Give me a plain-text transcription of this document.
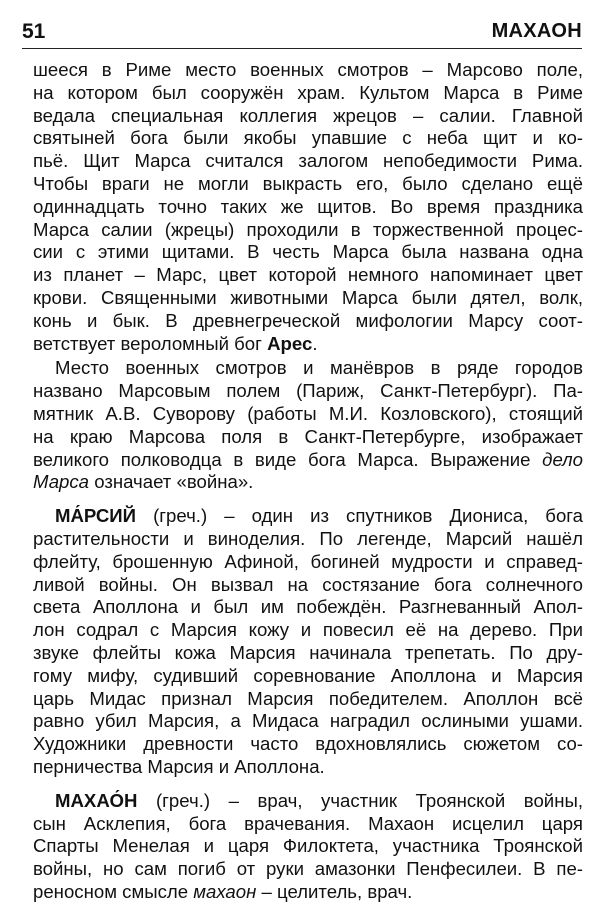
51	МАХАОН
шееся в Риме место военных смотров – Марсово поле,
на котором был сооружён храм. Культом Марса в Риме
ведала специальная коллегия жрецов – салии. Главной
святыней бога были якобы упавшие с неба щит и ко-
пьё. Щит Марса считался залогом непобедимости Рима.
Чтобы враги не могли выкрасть его, было сделано ещё
одиннадцать точно таких же щитов. Во время праздника
Марса салии (жрецы) проходили в торжественной процес-
сии с этими щитами. В честь Марса была названа одна
из планет – Марс, цвет которой немного напоминает цвет
крови. Священными животными Марса были дятел, волк,
конь и бык. В древнегреческой мифологии Марсу соот-
ветствует вероломный бог Арес.
Место военных смотров и манёвров в ряде городов
названо Марсовым полем (Париж, Санкт-Петербург). Па-
мятник А.В. Суворову (работы М.И. Козловского), стоящий
на краю Марсова поля в Санкт-Петербурге, изображает
великого полководца в виде бога Марса. Выражение дело
Марса означает «война».
МА́РСИЙ (греч.) – один из спутников Диониса, бога
растительности и виноделия. По легенде, Марсий нашёл
флейту, брошенную Афиной, богиней мудрости и справед-
ливой войны. Он вызвал на состязание бога солнечного
света Аполлона и был им побеждён. Разгневанный Апол-
лон содрал с Марсия кожу и повесил её на дерево. При
звуке флейты кожа Марсия начинала трепетать. По дру-
гому мифу, судивший соревнование Аполлона и Марсия
царь Мидас признал Марсия победителем. Аполлон всё
равно убил Марсия, а Мидаса наградил ослиными ушами.
Художники древности часто вдохновлялись сюжетом со-
перничества Марсия и Аполлона.
МАХАО́Н (греч.) – врач, участник Троянской войны,
сын Асклепия, бога врачевания. Махаон исцелил царя
Спарты Менелая и царя Филоктета, участника Троянской
войны, но сам погиб от руки амазонки Пенфесилеи. В пе-
реносном смысле махаон – целитель, врач.
